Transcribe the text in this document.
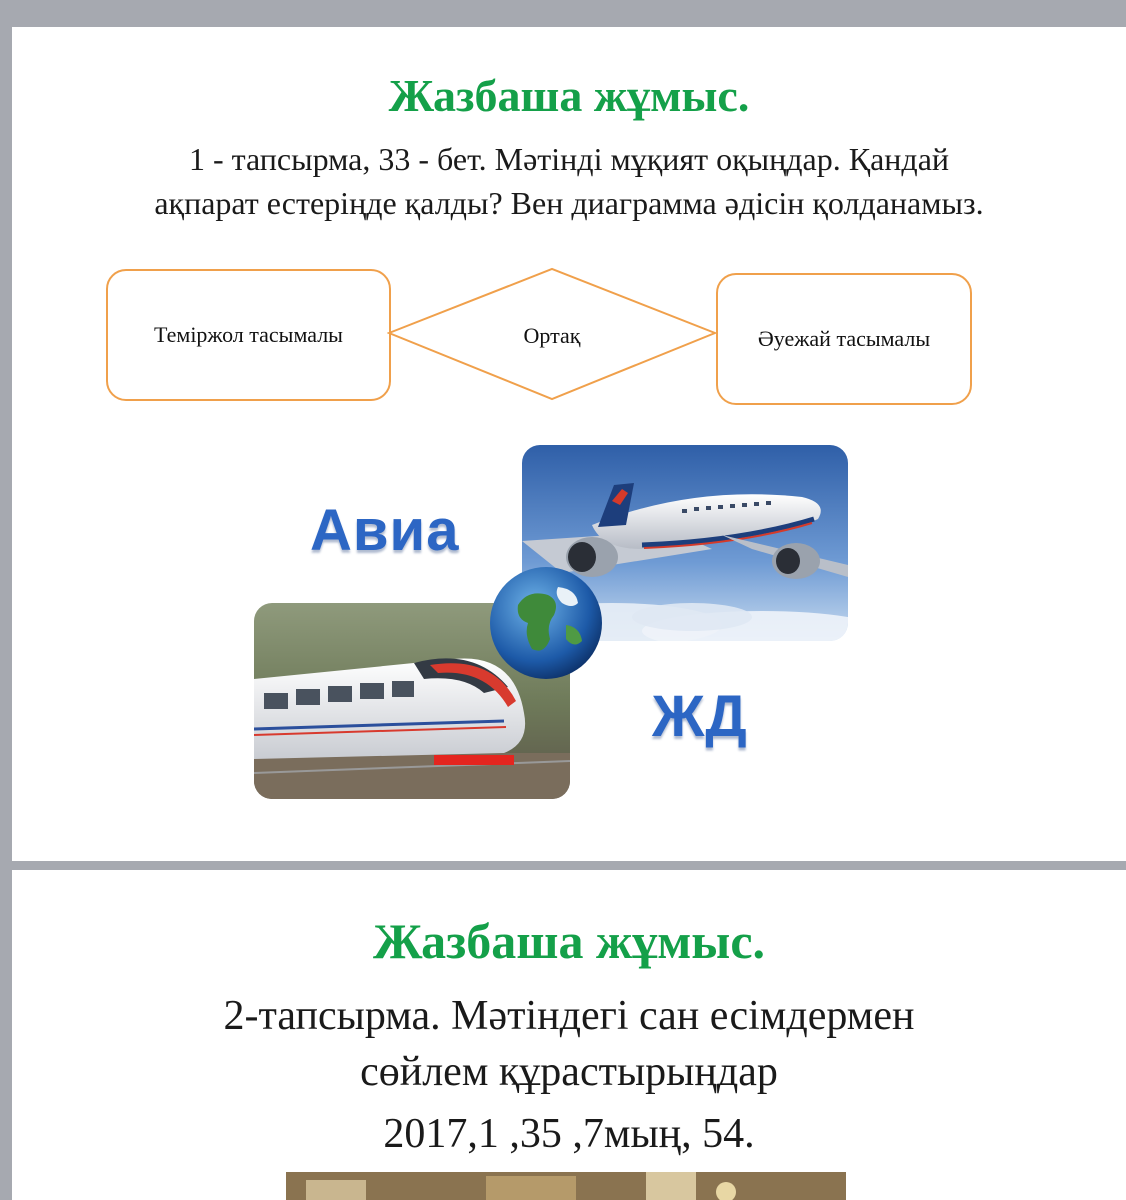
Жазбаша жұмыс.
1 - тапсырма, 33 - бет. Мәтінді мұқият оқыңдар. Қандай
ақпарат естеріңде қалды? Вен диаграмма әдісін қолданамыз.
Теміржол тасымалы	Ортақ	Әуежай тасымалы
Авиа
ЖД
Жазбаша жұмыс.
2-тапсырма. Мәтіндегі сан есімдермен
сөйлем құрастырыңдар
2017,1 ,35 ,7мың, 54.
